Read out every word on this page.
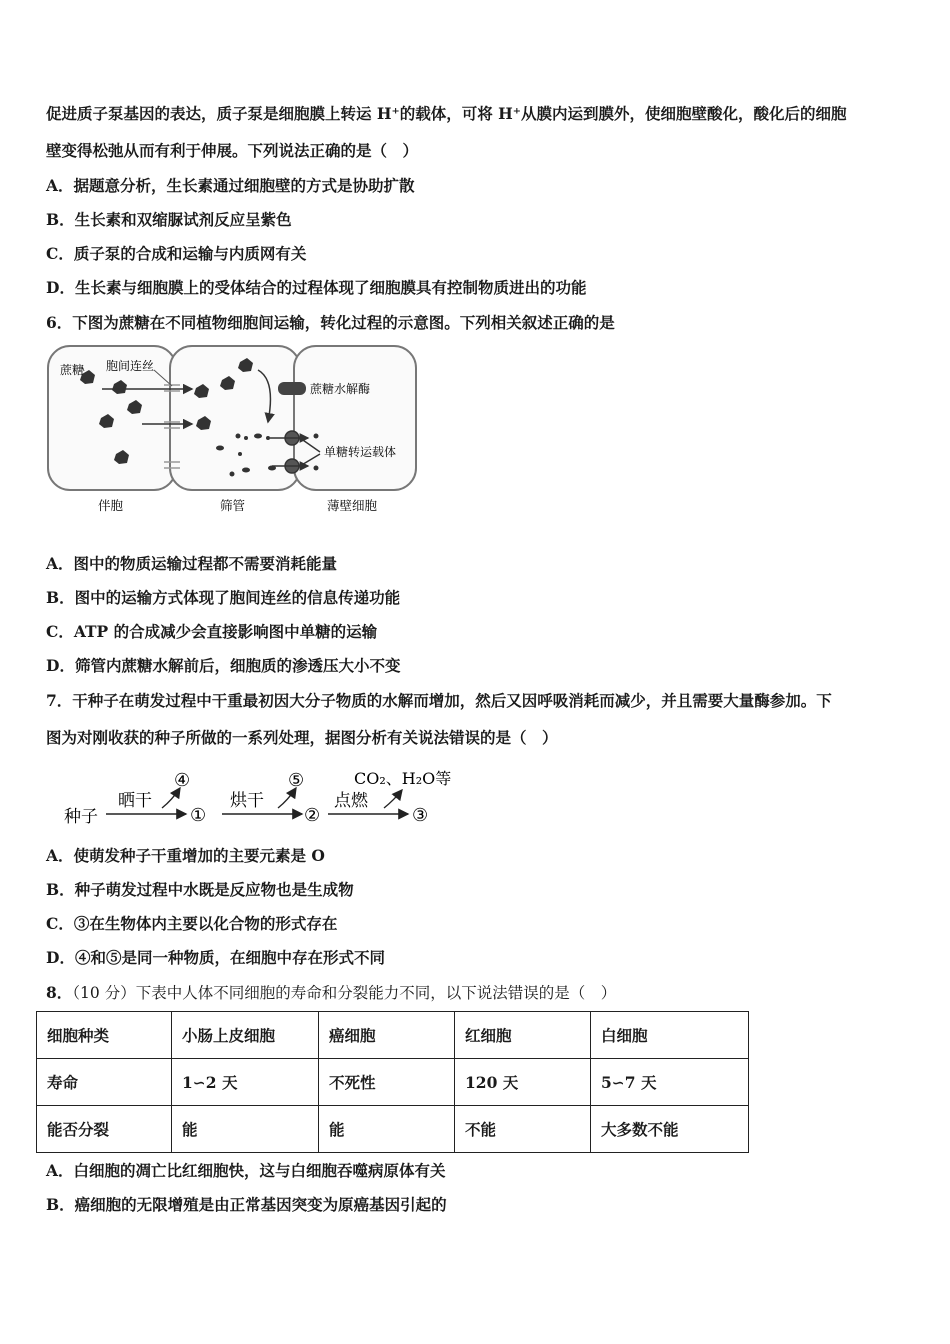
促进质子泵基因的表达，质子泵是细胞膜上转运 H⁺的载体，可将 H⁺从膜内运到膜外，使细胞壁酸化，酸化后的细胞
壁变得松弛从而有利于伸展。下列说法正确的是（　）
A．据题意分析，生长素通过细胞壁的方式是协助扩散
B．生长素和双缩脲试剂反应呈紫色
C．质子泵的合成和运输与内质网有关
D．生长素与细胞膜上的受体结合的过程体现了细胞膜具有控制物质进出的功能
6．下图为蔗糖在不同植物细胞间运输，转化过程的示意图。下列相关叙述正确的是
蔗糖 胞间连丝
蔗糖水解酶
单糖转运载体
伴胞	筛管	薄壁细胞
A．图中的物质运输过程都不需要消耗能量
B．图中的运输方式体现了胞间连丝的信息传递功能
C．ATP 的合成减少会直接影响图中单糖的运输
D．筛管内蔗糖水解前后，细胞质的渗透压大小不变
7．干种子在萌发过程中干重最初因大分子物质的水解而增加，然后又因呼吸消耗而减少，并且需要大量酶参加。下
图为对刚收获的种子所做的一系列处理，据图分析有关说法错误的是（　）
种子
晒干	烘干	点燃
CO₂、H₂O等
①	②	③
④	⑤
A．使萌发种子干重增加的主要元素是 O
B．种子萌发过程中水既是反应物也是生成物
C．③在生物体内主要以化合物的形式存在
D．④和⑤是同一种物质，在细胞中存在形式不同
8．（10 分）下表中人体不同细胞的寿命和分裂能力不同，以下说法错误的是（　）
细胞种类	小肠上皮细胞	癌细胞	红细胞	白细胞
寿命	1∽2 天	不死性	120 天	5∽7 天
能否分裂	能	能	不能	大多数不能
A．白细胞的凋亡比红细胞快，这与白细胞吞噬病原体有关
B．癌细胞的无限增殖是由正常基因突变为原癌基因引起的
